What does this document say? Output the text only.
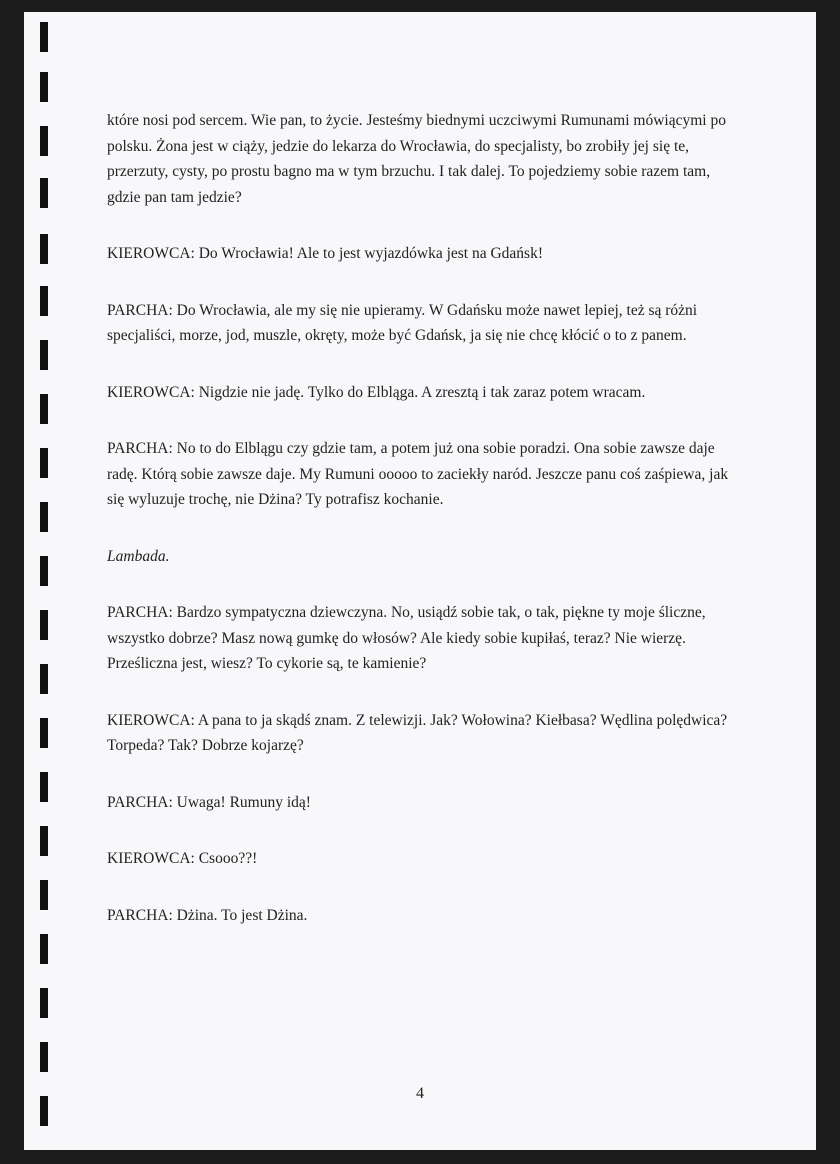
które nosi pod sercem. Wie pan, to życie. Jesteśmy biednymi uczciwymi Rumunami mówiącymi po polsku. Żona jest w ciąży, jedzie do lekarza do Wrocławia, do specjalisty, bo zrobiły jej się te, przerzuty, cysty, po prostu bagno ma w tym brzuchu. I tak dalej. To pojedziemy sobie razem tam, gdzie pan tam jedzie?

KIEROWCA: Do Wrocławia! Ale to jest wyjazdówka jest na Gdańsk!

PARCHA: Do Wrocławia, ale my się nie upieramy. W Gdańsku może nawet lepiej, też są różni specjaliści, morze, jod, muszle, okręty, może być Gdańsk, ja się nie chcę kłócić o to z panem.

KIEROWCA: Nigdzie nie jadę. Tylko do Elbląga. A zresztą i tak zaraz potem wracam.

PARCHA: No to do Elblągu czy gdzie tam, a potem już ona sobie poradzi. Ona sobie zawsze daje radę. Którą sobie zawsze daje. My Rumuni ooooo to zaciekły naród. Jeszcze panu coś zaśpiewa, jak się wyluzuje trochę, nie Dżina? Ty potrafisz kochanie.

Lambada.

PARCHA: Bardzo sympatyczna dziewczyna. No, usiądź sobie tak, o tak, piękne ty moje śliczne, wszystko dobrze? Masz nową gumkę do włosów? Ale kiedy sobie kupiłaś, teraz? Nie wierzę. Prześliczna jest, wiesz? To cykorie są, te kamienie?

KIEROWCA: A pana to ja skądś znam. Z telewizji. Jak? Wołowina? Kiełbasa? Wędlina polędwica? Torpeda? Tak? Dobrze kojarzę?

PARCHA: Uwaga! Rumuny idą!

KIEROWCA: Csooo??!

PARCHA: Dżina. To jest Dżina.

4
